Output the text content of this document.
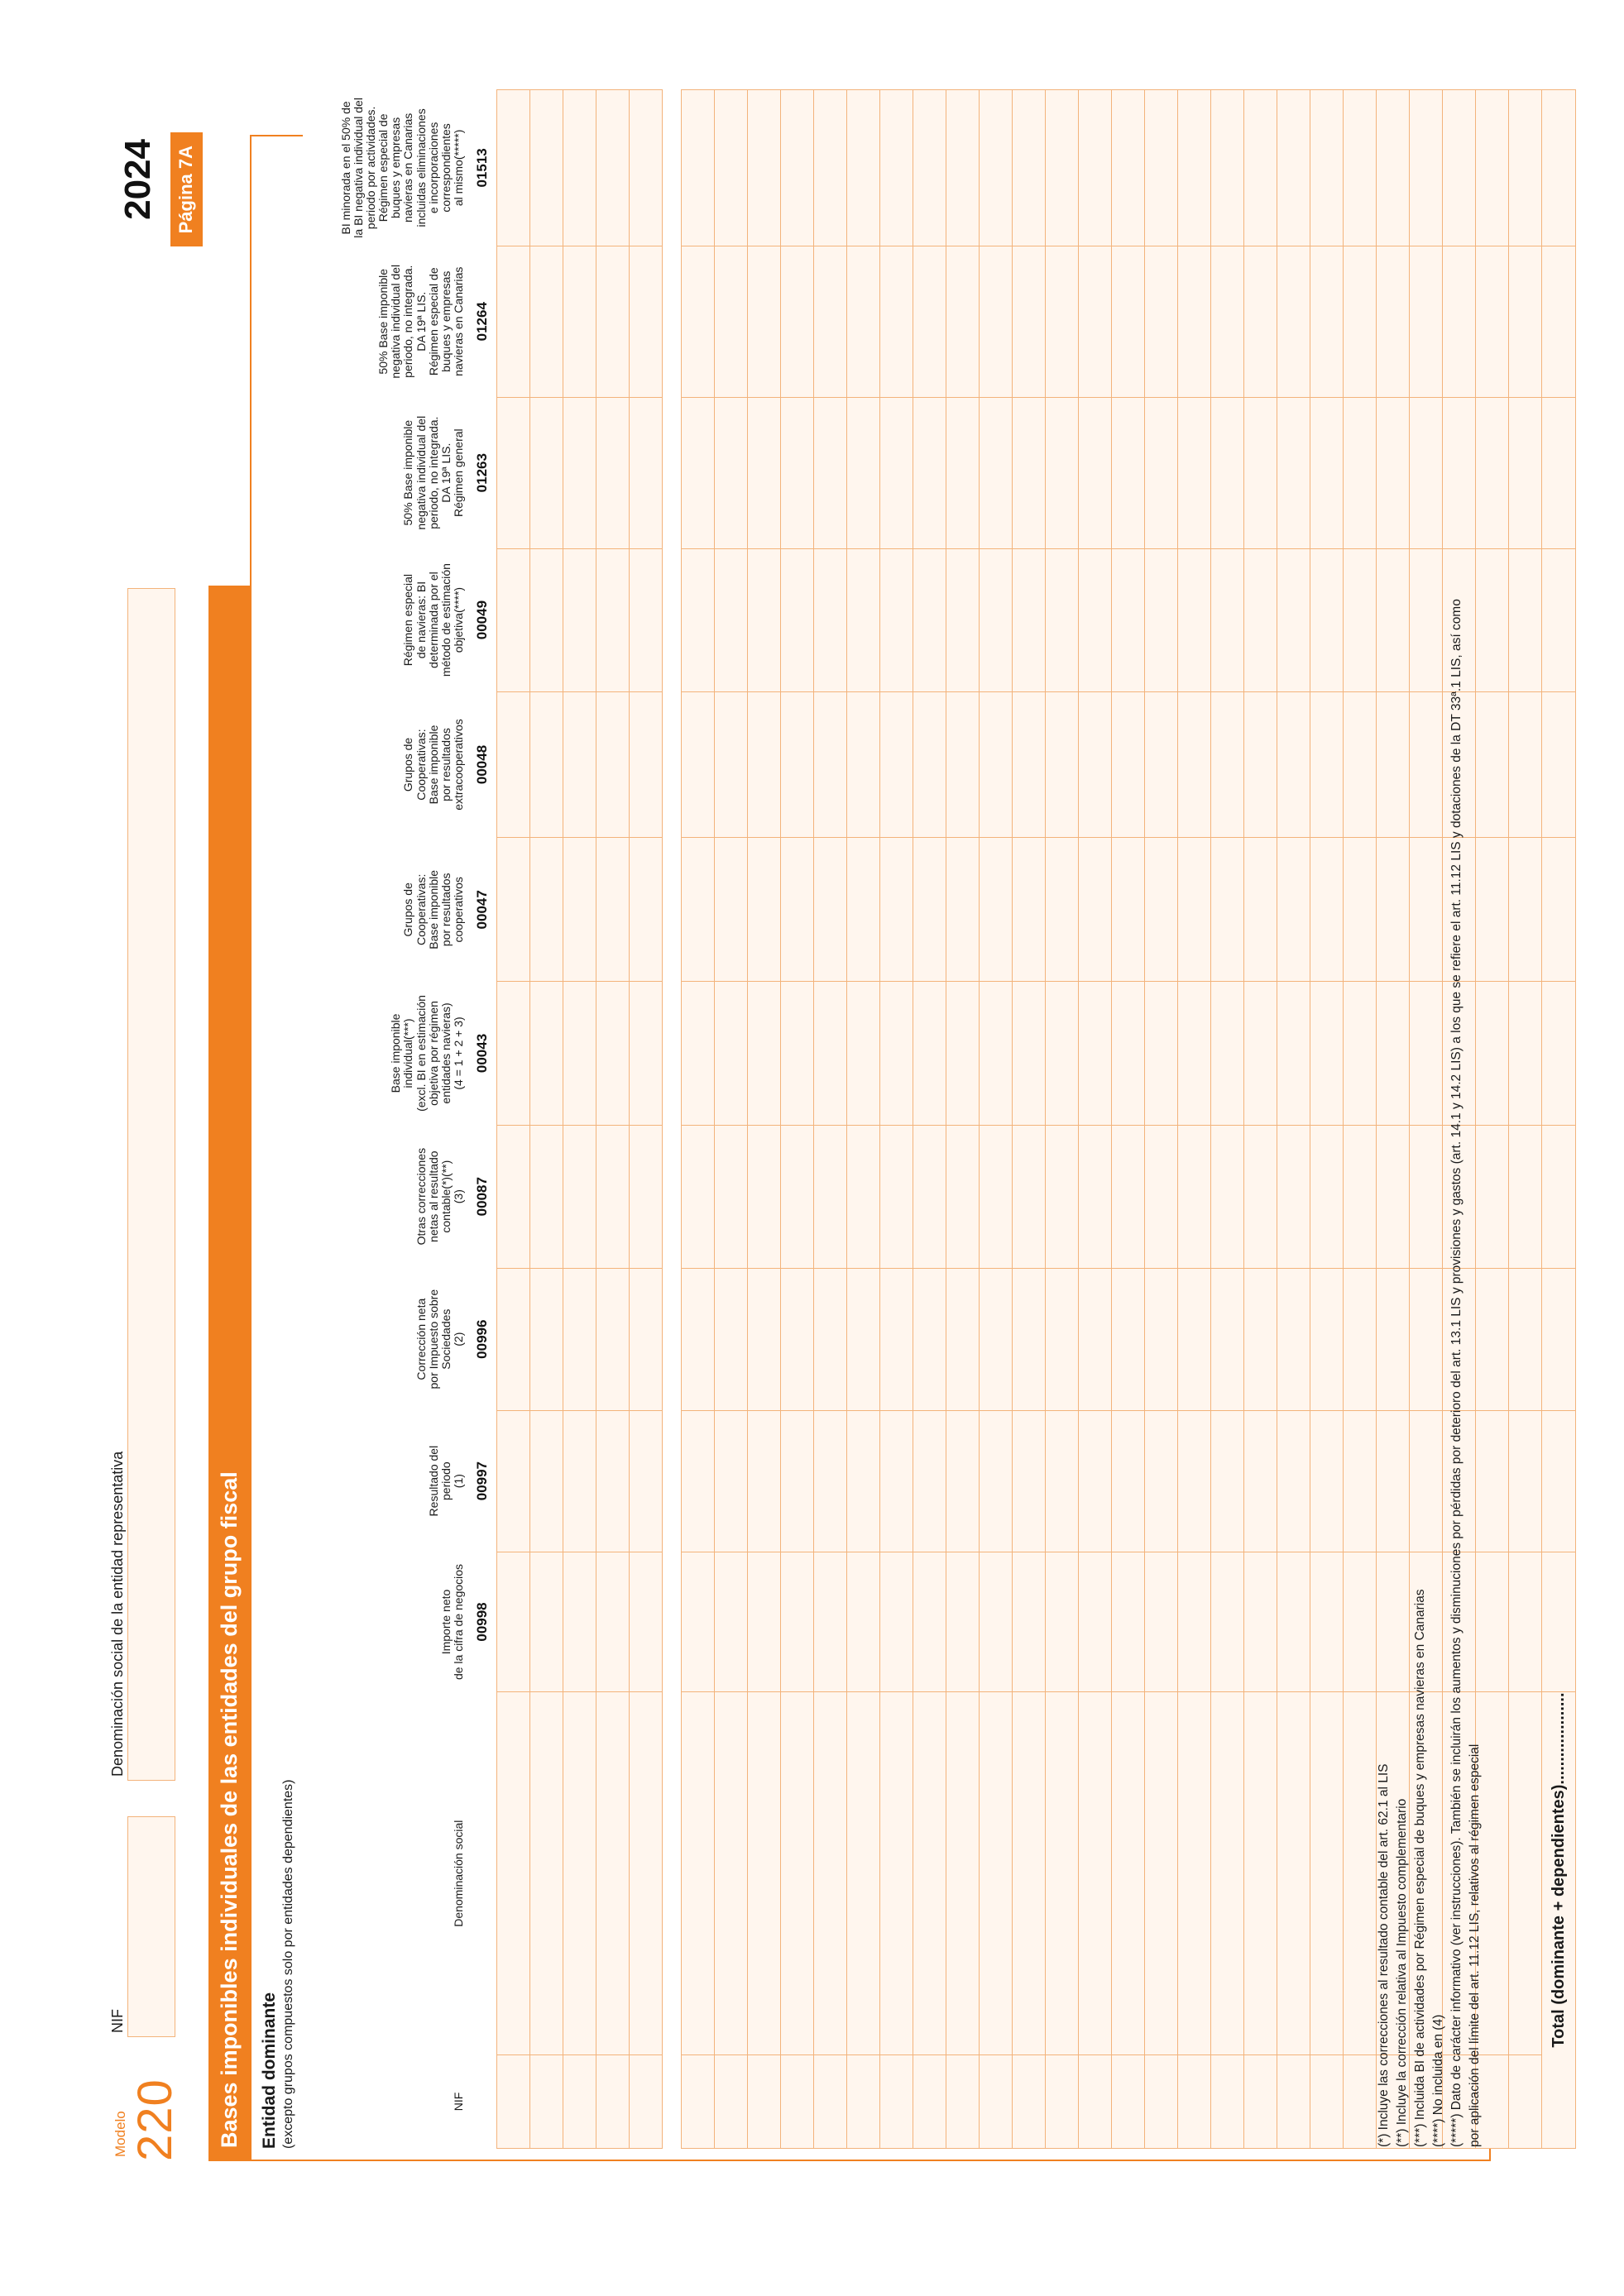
Modelo 220
NIF
Denominación social de la entidad representativa
2024 Página 7A
Bases imponibles individuales de las entidades del grupo fiscal	Entidad dominante (excepto grupos compuestos solo por entidades dependientes)	NIF	Denominación social	Importe neto
de la cifra de negocios	Resultado del
periodo
(1)	Corrección neta
por Impuesto sobre
Sociedades
(2)	Otras correcciones
netas al resultado
contable(*)(**)
(3)	Base imponible
individual(***)
(excl. BI en estimación
objetiva por régimen
entidades navieras)
(4 = 1 + 2 + 3)	Grupos de
Cooperativas:
Base imponible
por resultados
cooperativos	Grupos de
Cooperativas:
Base imponible
por resultados
extracooperativos	Régimen especial
de navieras: BI
determinada por el
método de estimación
objetiva(****)	50% Base imponible
negativa individual del
periodo, no integrada.
DA 19ª LIS.
Régimen general	50% Base imponible
negativa individual del
periodo, no integrada.
DA 19ª LIS.
Régimen especial de
buques y empresas
navieras en Canarias	BI minorada en el 50% de
la BI negativa individual del
periodo por actividades.
Régimen especial de
buques y empresas
navieras en Canarias
incluidas eliminaciones
e incorporaciones
correspondientes
al mismo(*****)
		00998	00997	00996	00087	00043	00047	00048	00049	01263	01264	01513

Total (dominante + dependientes)....................												
(*) Incluye las correcciones al resultado contable del art. 62.1 al LIS (**) Incluye la corrección relativa al Impuesto complementario (***) Incluida BI de actividades por Régimen especial de buques y empresas navieras en Canarias (****) No incluida en (4) (*****) Dato de carácter informativo (ver instrucciones). También se incluirán los aumentos y disminuciones por pérdidas por deterioro del art. 13.1 LIS y provisiones y gastos (art. 14.1 y 14.2 LIS) a los que se refiere el art. 11.12 LIS y dotaciones de la DT 33ª.1 LIS, así como por aplicación del límite del art. 11.12 LIS, relativos al régimen especial
